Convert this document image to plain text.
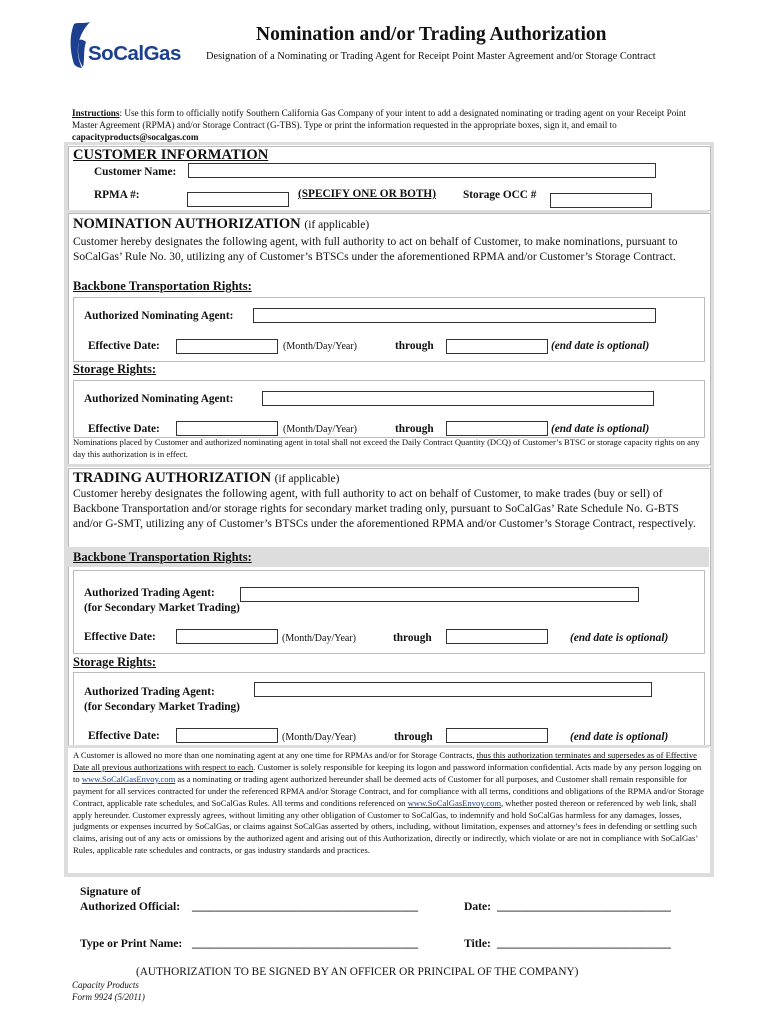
SoCalGas
Nomination and/or Trading Authorization
Designation of a Nominating or Trading Agent for Receipt Point Master Agreement and/or Storage Contract
Instructions: Use this form to officially notify Southern California Gas Company of your intent to add a designated nominating or trading agent on your Receipt Point Master Agreement (RPMA) and/or Storage Contract (G-TBS). Type or print the information requested in the appropriate boxes, sign it, and email to capacityproducts@socalgas.com
CUSTOMER INFORMATION
Customer Name:
RPMA #:	(SPECIFY ONE OR BOTH) Storage OCC #
NOMINATION AUTHORIZATION (if applicable)
Customer hereby designates the following agent, with full authority to act on behalf of Customer, to make nominations, pursuant to SoCalGas’ Rule No. 30, utilizing any of Customer’s BTSCs under the aforementioned RPMA and/or Customer’s Storage Contract.
Backbone Transportation Rights:
Authorized Nominating Agent:
Effective Date:	(Month/Day/Year)	through	(end date is optional)
Storage Rights:
Authorized Nominating Agent:
Effective Date:	(Month/Day/Year)	through	(end date is optional)
Nominations placed by Customer and authorized nominating agent in total shall not exceed the Daily Contract Quantity (DCQ) of Customer’s BTSC or storage capacity rights on any day this authorization is in effect.
TRADING AUTHORIZATION (if applicable)
Customer hereby designates the following agent, with full authority to act on behalf of Customer, to make trades (buy or sell) of Backbone Transportation and/or storage rights for secondary market trading only, pursuant to SoCalGas’ Rate Schedule No. G-BTS and/or G-SMT, utilizing any of Customer’s BTSCs under the aforementioned RPMA and/or Customer’s Storage Contract, respectively.
Backbone Transportation Rights:
Authorized Trading Agent:
(for Secondary Market Trading)
Effective Date:	(Month/Day/Year)	through	(end date is optional)
Storage Rights:
Authorized Trading Agent:
(for Secondary Market Trading)
Effective Date:	(Month/Day/Year)	through	(end date is optional)
A Customer is allowed no more than one nominating agent at any one time for RPMAs and/or for Storage Contracts, thus this authorization terminates and supersedes as of Effective Date all previous authorizations with respect to each. Customer is solely responsible for keeping its logon and password information confidential. Acts made by any person logging on to www.SoCalGasEnvoy.com as a nominating or trading agent authorized hereunder shall be deemed acts of Customer for all purposes, and Customer shall remain responsible for payment for all services contracted for under the referenced RPMA and/or Storage Contract, and for compliance with all terms, conditions and obligations of the RPMA and/or Storage Contract, applicable rate schedules, and SoCalGas Rules. All terms and conditions referenced on www.SoCalGasEnvoy.com, whether posted thereon or referenced by web link, shall apply hereunder. Customer expressly agrees, without limiting any other obligation of Customer to SoCalGas, to indemnify and hold SoCalGas harmless for any damages, losses, judgments or expenses incurred by SoCalGas, or claims against SoCalGas asserted by others, including, without limitation, expenses and attorney’s fees in defending or settling such claims, arising out of any acts or omissions by the authorized agent and arising out of this Authorization, directly or indirectly, which violate or are not in compliance with SoCalGas’ Rules, applicable rate schedules and contracts, or gas industry standards and practices.
Signature of
Authorized Official: _______________________________________	Date: ______________________________
Type or Print Name: _______________________________________	Title: ______________________________
(AUTHORIZATION TO BE SIGNED BY AN OFFICER OR PRINCIPAL OF THE COMPANY)
Capacity Products
Form 9924 (5/2011)
